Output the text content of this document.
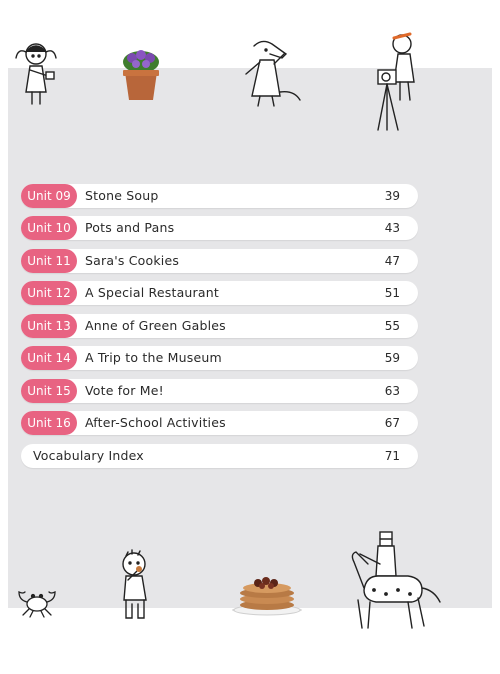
Unit 09	Stone Soup	39
Unit 10	Pots and Pans	43
Unit 11	Sara's Cookies	47
Unit 12	A Special Restaurant	51
Unit 13	Anne of Green Gables	55
Unit 14	A Trip to the Museum	59
Unit 15	Vote for Me!	63
Unit 16	After-School Activities	67
Vocabulary Index	71
